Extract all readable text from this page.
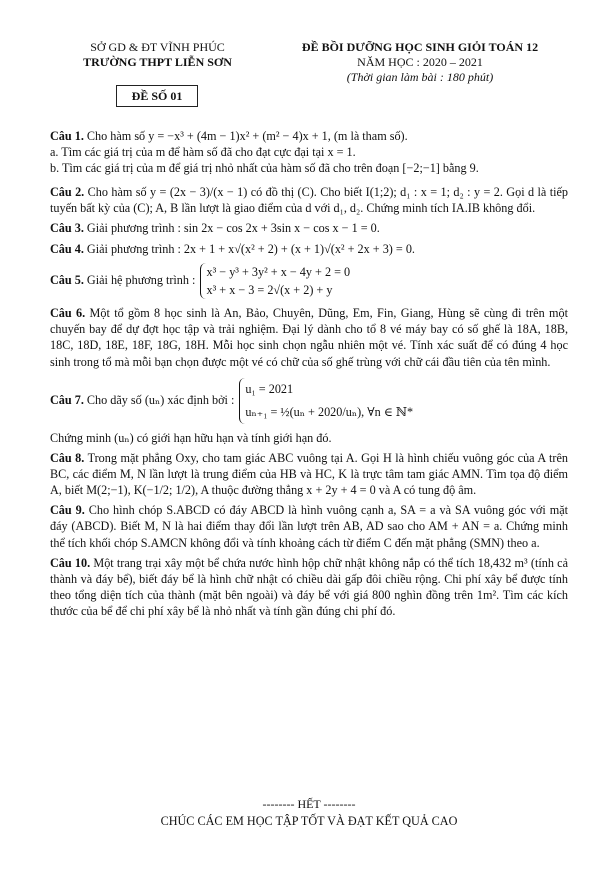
SỞ GD & ĐT VĨNH PHÚC
TRƯỜNG THPT LIỄN SƠN
ĐỀ BỒI DƯỠNG HỌC SINH GIỎI TOÁN 12
NĂM HỌC : 2020 – 2021
(Thời gian làm bài : 180 phút)
ĐỀ SỐ 01

Câu 1. Cho hàm số y = −x³ + (4m − 1)x² + (m² − 4)x + 1, (m là tham số).

a. Tìm các giá trị của m để hàm số đã cho đạt cực đại tại x = 1.

b. Tìm các giá trị của m để giá trị nhỏ nhất của hàm số đã cho trên đoạn [−2;−1] bằng 9.

Câu 2. Cho hàm số y = (2x − 3)/(x − 1) có đồ thị (C). Cho biết I(1;2); d₁ : x = 1; d₂ : y = 2. Gọi d là tiếp tuyến bất kỳ của (C); A, B lần lượt là giao điểm của d với d₁, d₂. Chứng minh tích IA.IB không đổi.

Câu 3. Giải phương trình : sin 2x − cos 2x + 3sin x − cos x − 1 = 0.

Câu 4. Giải phương trình : 2x + 1 + x√(x² + 2) + (x + 1)√(x² + 2x + 3) = 0.

Câu 5. Giải hệ phương trình : x³ − y³ + 3y² + x − 4y + 2 = 0
x³ + x − 3 = 2√(x + 2) + y

Câu 6. Một tổ gồm 8 học sinh là An, Bảo, Chuyên, Dũng, Em, Fin, Giang, Hùng sẽ cùng đi trên một chuyến bay để dự đợt học tập và trải nghiệm. Đại lý dành cho tổ 8 vé máy bay có số ghế là 18A, 18B, 18C, 18D, 18E, 18F, 18G, 18H. Mỗi học sinh chọn ngẫu nhiên một vé. Tính xác suất để có đúng 4 học sinh trong tổ mà mỗi bạn chọn được một vé có chữ của số ghế trùng với chữ cái đầu tiên của tên mình.

Câu 7. Cho dãy số (uₙ) xác định bởi : u₁ = 2021
uₙ₊₁ = ½(uₙ + 2020/uₙ), ∀n ∈ ℕ*

Chứng minh (uₙ) có giới hạn hữu hạn và tính giới hạn đó.

Câu 8. Trong mặt phẳng Oxy, cho tam giác ABC vuông tại A. Gọi H là hình chiếu vuông góc của A trên BC, các điểm M, N lần lượt là trung điểm của HB và HC, K là trực tâm tam giác AMN. Tìm tọa độ điểm A, biết M(2;−1), K(−1/2; 1/2), A thuộc đường thẳng x + 2y + 4 = 0 và A có tung độ âm.

Câu 9. Cho hình chóp S.ABCD có đáy ABCD là hình vuông cạnh a, SA = a và SA vuông góc với mặt đáy (ABCD). Biết M, N là hai điểm thay đổi lần lượt trên AB, AD sao cho AM + AN = a. Chứng minh thể tích khối chóp S.AMCN không đổi và tính khoảng cách từ điểm C đến mặt phẳng (SMN) theo a.

Câu 10. Một trang trại xây một bể chứa nước hình hộp chữ nhật không nắp có thể tích 18,432 m³ (tính cả thành và đáy bể), biết đáy bể là hình chữ nhật có chiều dài gấp đôi chiều rộng. Chi phí xây bể được tính theo tổng diện tích của thành (mặt bên ngoài) và đáy bể với giá 800 nghìn đồng trên 1m². Tìm các kích thước của bể để chi phí xây bể là nhỏ nhất và tính gần đúng chi phí đó.

-------- HẾT --------
CHÚC CÁC EM HỌC TẬP TỐT VÀ ĐẠT KẾT QUẢ CAO
